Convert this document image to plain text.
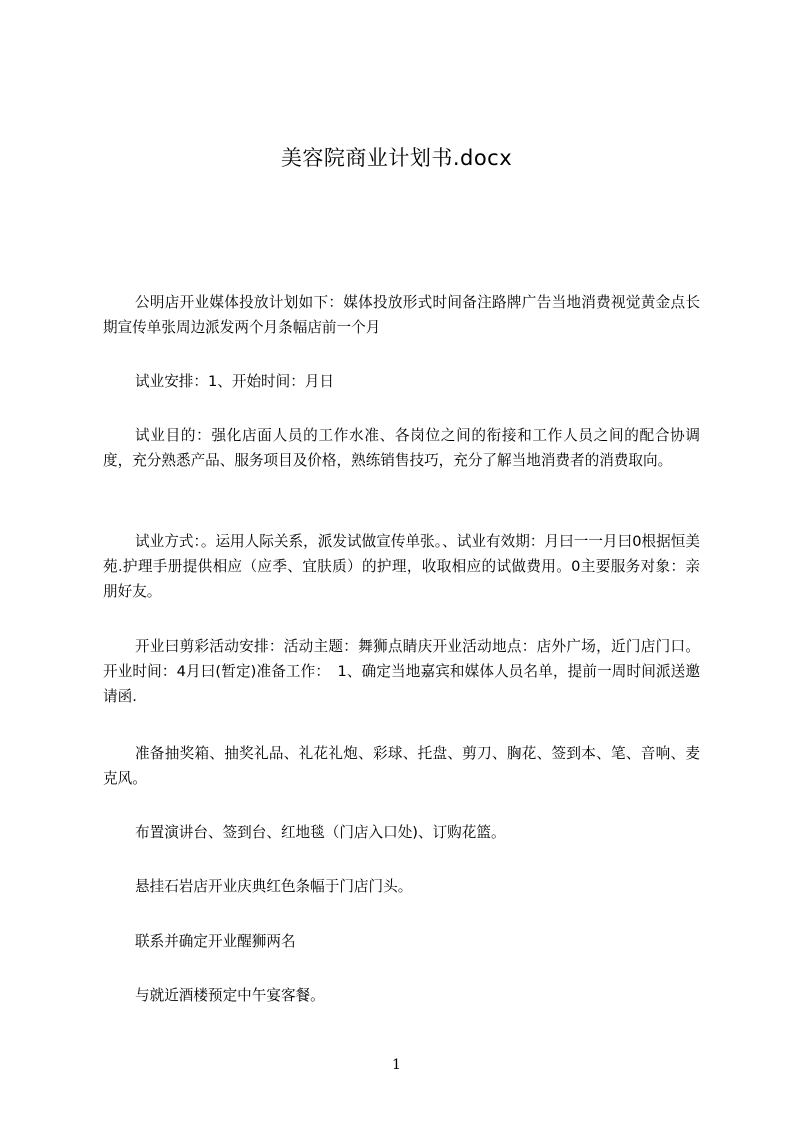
美容院商业计划书.docx
公明店开业媒体投放计划如下：媒体投放形式时间备注路牌广告当地消费视觉黄金点长期宣传单张周边派发两个月条幅店前一个月
试业安排：1、开始时间：月日
试业目的：强化店面人员的工作水准、各岗位之间的衔接和工作人员之间的配合协调度，充分熟悉产品、服务项目及价格，熟练销售技巧，充分了解当地消费者的消费取向。
试业方式：。运用人际关系，派发试做宣传单张。、试业有效期：月曰一一月曰0根据恒美苑.护理手册提供相应（应季、宜肤质）的护理，收取相应的试做费用。0主要服务对象：亲朋好友。
开业曰剪彩活动安排：活动主题：舞狮点睛庆开业活动地点：店外广场，近门店门口。开业时间：4月曰(暂定)准备工作：　1、确定当地嘉宾和媒体人员名单，提前一周时间派送邀请函.
准备抽奖箱、抽奖礼品、礼花礼炮、彩球、托盘、剪刀、胸花、签到本、笔、音响、麦克风。
布置演讲台、签到台、红地毯（门店入口处)、订购花篮。
悬挂石岩店开业庆典红色条幅于门店门头。
联系并确定开业醒狮两名
与就近酒楼预定中午宴客餐。
1
